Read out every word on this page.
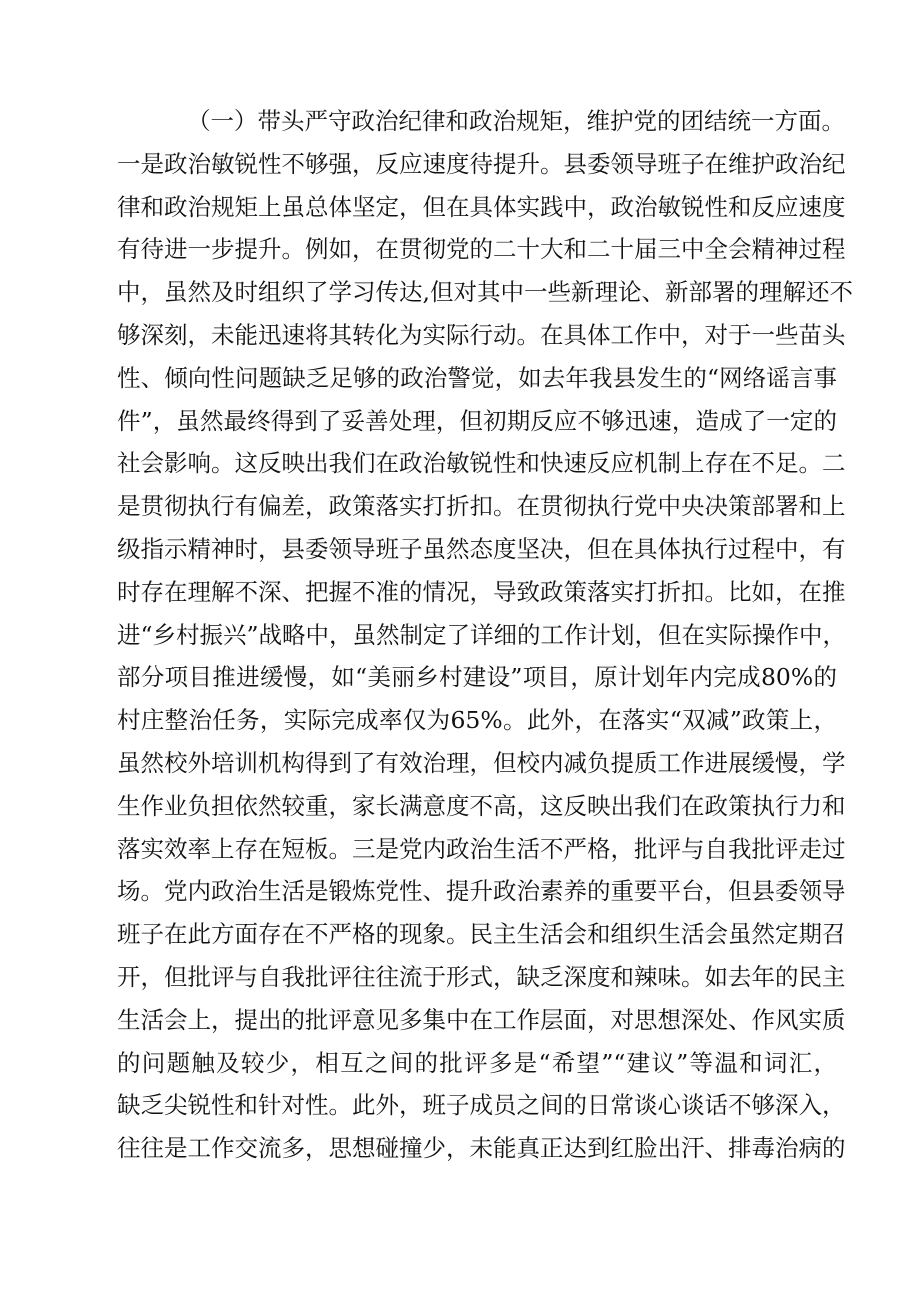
（一）带头严守政治纪律和政治规矩，维护党的团结统一方面。
一是政治敏锐性不够强，反应速度待提升。县委领导班子在维护政治纪
律和政治规矩上虽总体坚定，但在具体实践中，政治敏锐性和反应速度
有待进一步提升。例如，在贯彻党的二十大和二十届三中全会精神过程
中，虽然及时组织了学习传达,但对其中一些新理论、新部署的理解还不
够深刻，未能迅速将其转化为实际行动。在具体工作中，对于一些苗头
性、倾向性问题缺乏足够的政治警觉，如去年我县发生的“网络谣言事
件”，虽然最终得到了妥善处理，但初期反应不够迅速，造成了一定的
社会影响。这反映出我们在政治敏锐性和快速反应机制上存在不足。二
是贯彻执行有偏差，政策落实打折扣。在贯彻执行党中央决策部署和上
级指示精神时，县委领导班子虽然态度坚决，但在具体执行过程中，有
时存在理解不深、把握不准的情况，导致政策落实打折扣。比如，在推
进“乡村振兴”战略中，虽然制定了详细的工作计划，但在实际操作中，
部分项目推进缓慢，如“美丽乡村建设”项目，原计划年内完成80%的
村庄整治任务，实际完成率仅为65%。此外，在落实“双减”政策上，
虽然校外培训机构得到了有效治理，但校内减负提质工作进展缓慢，学
生作业负担依然较重，家长满意度不高，这反映出我们在政策执行力和
落实效率上存在短板。三是党内政治生活不严格，批评与自我批评走过
场。党内政治生活是锻炼党性、提升政治素养的重要平台，但县委领导
班子在此方面存在不严格的现象。民主生活会和组织生活会虽然定期召
开，但批评与自我批评往往流于形式，缺乏深度和辣味。如去年的民主
生活会上，提出的批评意见多集中在工作层面，对思想深处、作风实质
的问题触及较少，相互之间的批评多是“希望”“建议”等温和词汇，
缺乏尖锐性和针对性。此外，班子成员之间的日常谈心谈话不够深入，
往往是工作交流多，思想碰撞少，未能真正达到红脸出汗、排毒治病的
